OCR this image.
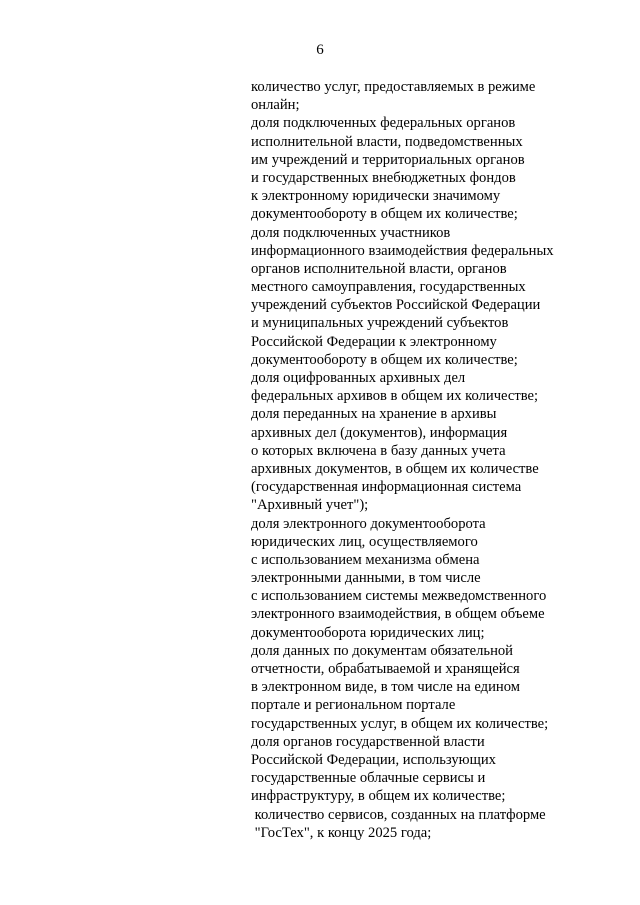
6
количество услуг, предоставляемых в режиме
онлайн;
доля подключенных федеральных органов
исполнительной власти, подведомственных
им учреждений и территориальных органов
и государственных внебюджетных фондов
к электронному юридически значимому
документообороту в общем их количестве;
доля подключенных участников
информационного взаимодействия федеральных
органов исполнительной власти, органов
местного самоуправления, государственных
учреждений субъектов Российской Федерации
и муниципальных учреждений субъектов
Российской Федерации к электронному
документообороту в общем их количестве;
доля оцифрованных архивных дел
федеральных архивов в общем их количестве;
доля переданных на хранение в архивы
архивных дел (документов), информация
о которых включена в базу данных учета
архивных документов, в общем их количестве
(государственная информационная система
"Архивный учет");
доля электронного документооборота
юридических лиц, осуществляемого
с использованием механизма обмена
электронными данными, в том числе
с использованием системы межведомственного
электронного взаимодействия, в общем объеме
документооборота юридических лиц;
доля данных по документам обязательной
отчетности, обрабатываемой и хранящейся
в электронном виде, в том числе на едином
портале и региональном портале
государственных услуг, в общем их количестве;
доля органов государственной власти
Российской Федерации, использующих
государственные облачные сервисы и
инфраструктуру, в общем их количестве;
количество сервисов, созданных на платформе
"ГосТех", к концу 2025 года;
